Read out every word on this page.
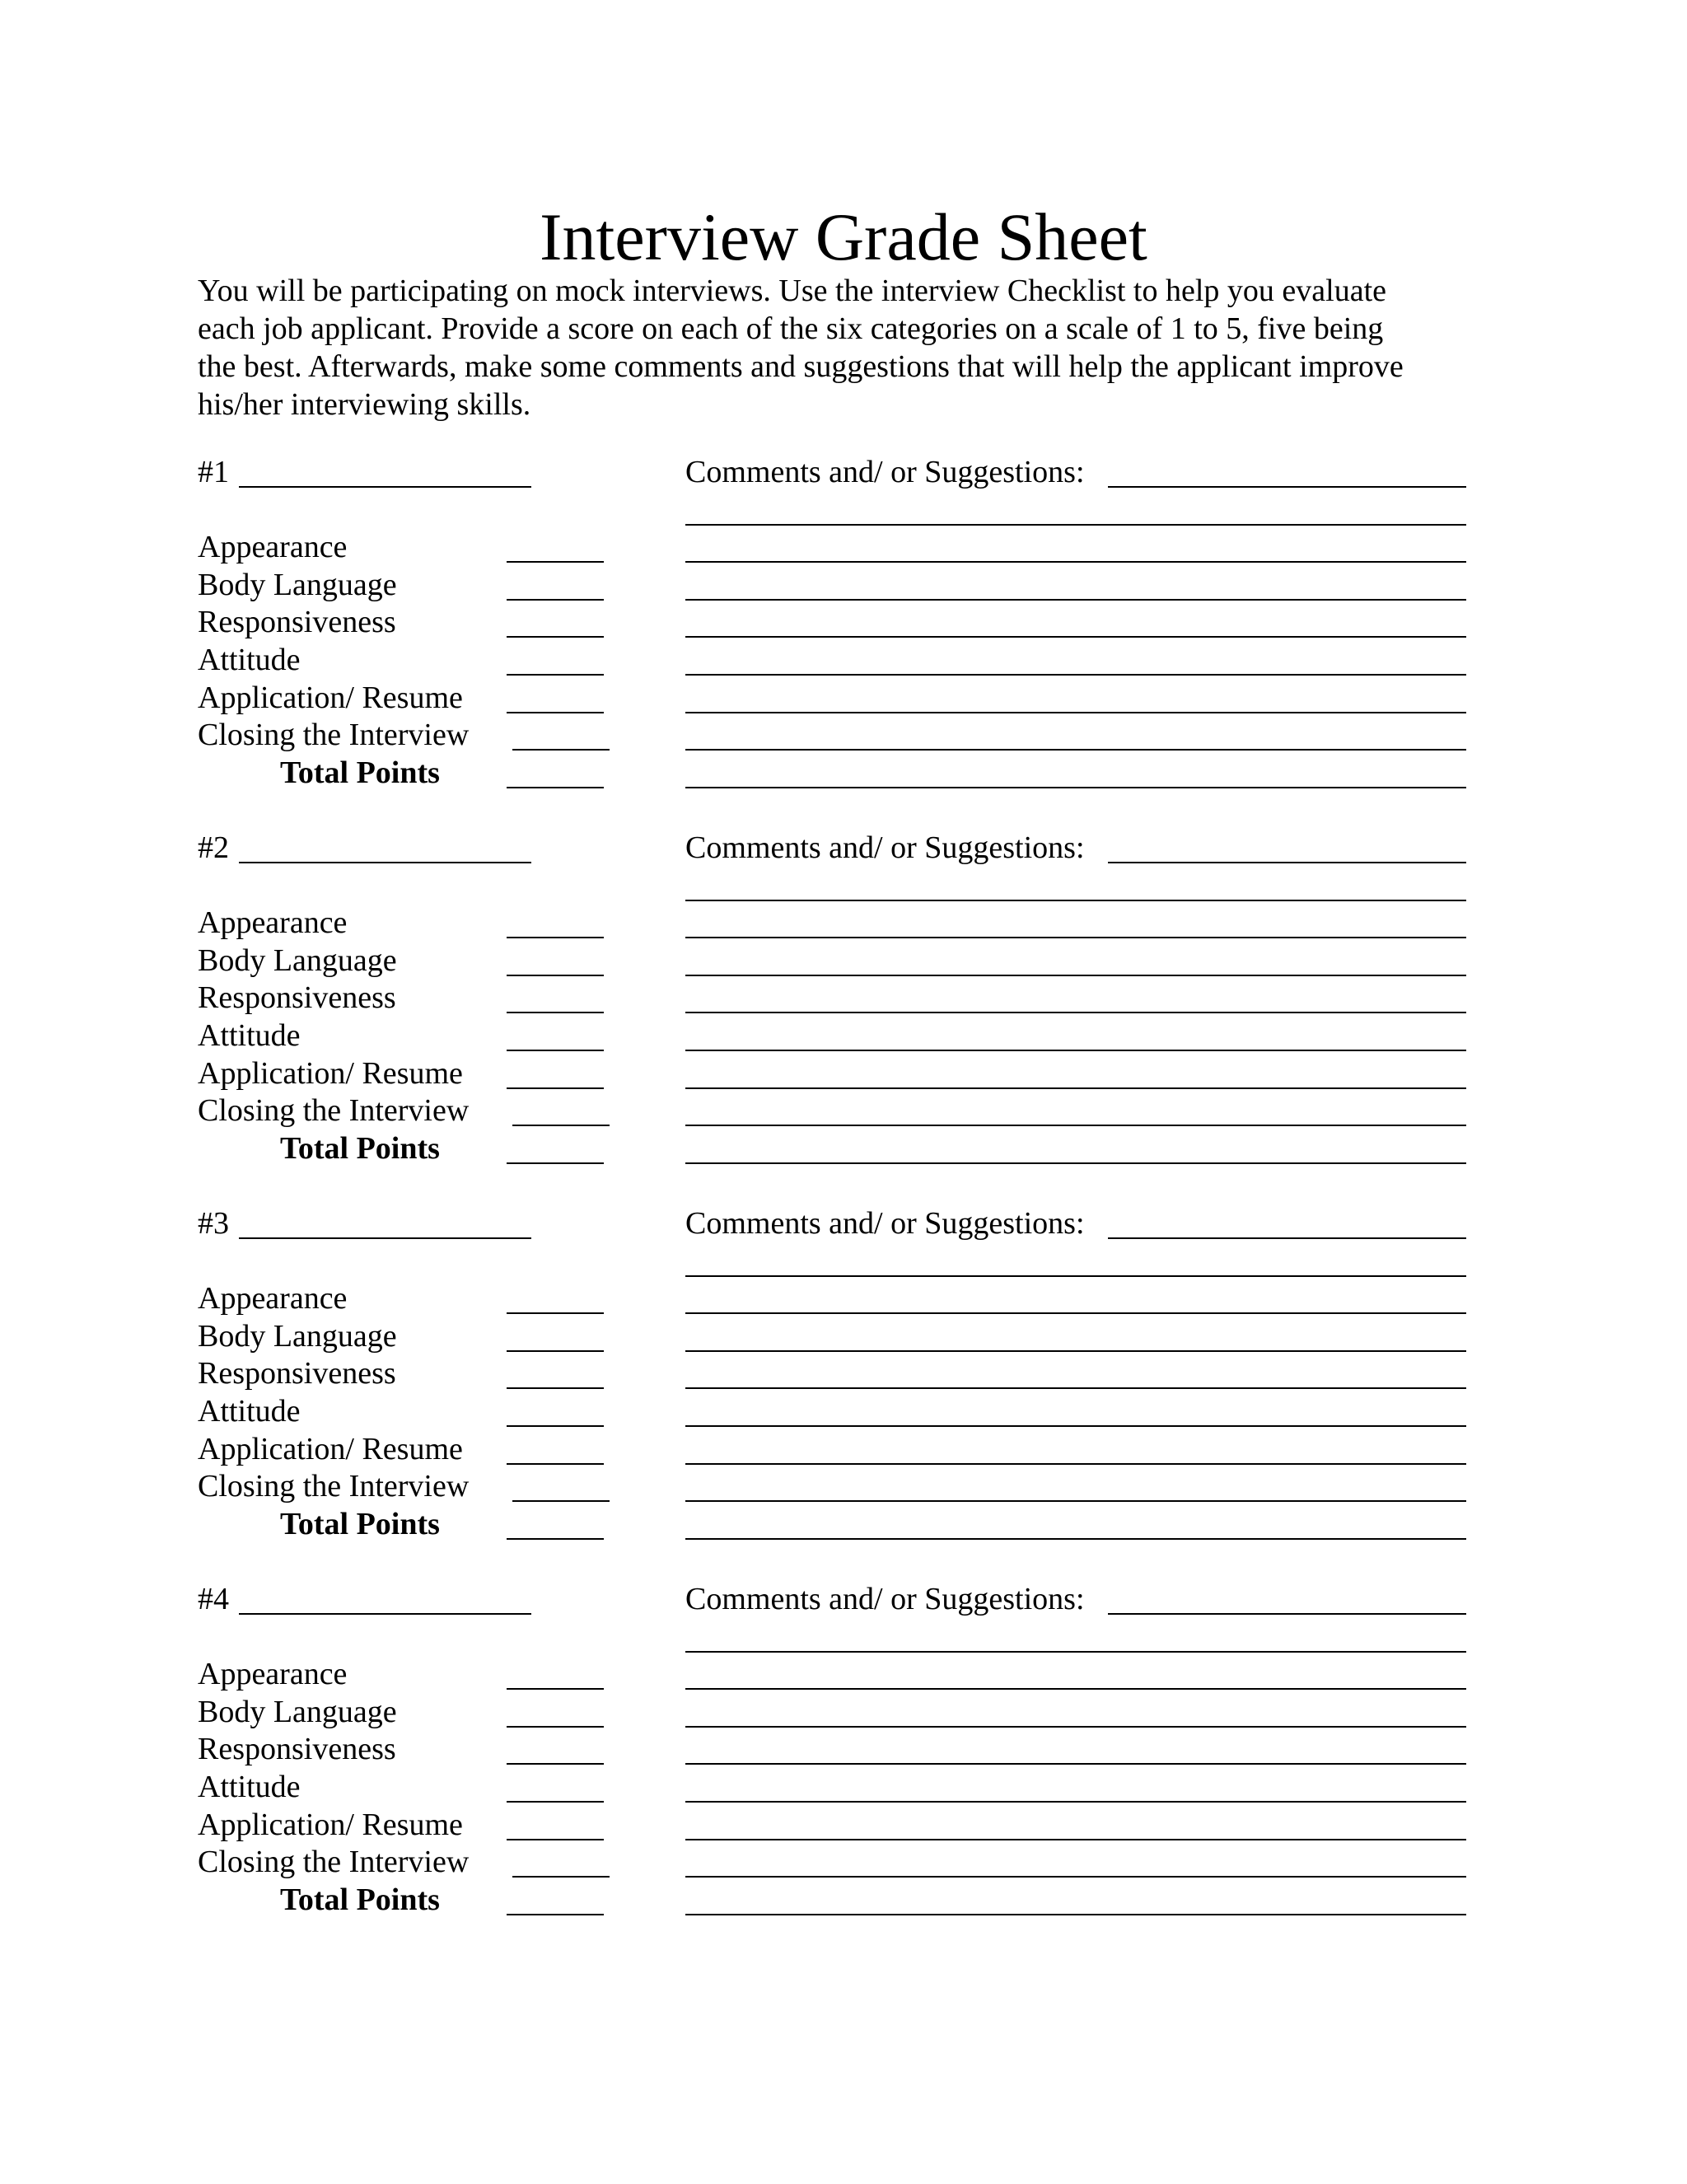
Interview Grade Sheet
You will be participating on mock interviews. Use the interview Checklist to help you evaluate
each job applicant. Provide a score on each of the six categories on a scale of 1 to 5, five being
the best. Afterwards, make some comments and suggestions that will help the applicant improve
his/her interviewing skills.
#1	Comments and/ or Suggestions:
Appearance
Body Language
Responsiveness
Attitude
Application/ Resume
Closing the Interview
Total Points
#2	Comments and/ or Suggestions:
Appearance
Body Language
Responsiveness
Attitude
Application/ Resume
Closing the Interview
Total Points
#3	Comments and/ or Suggestions:
Appearance
Body Language
Responsiveness
Attitude
Application/ Resume
Closing the Interview
Total Points
#4	Comments and/ or Suggestions:
Appearance
Body Language
Responsiveness
Attitude
Application/ Resume
Closing the Interview
Total Points
